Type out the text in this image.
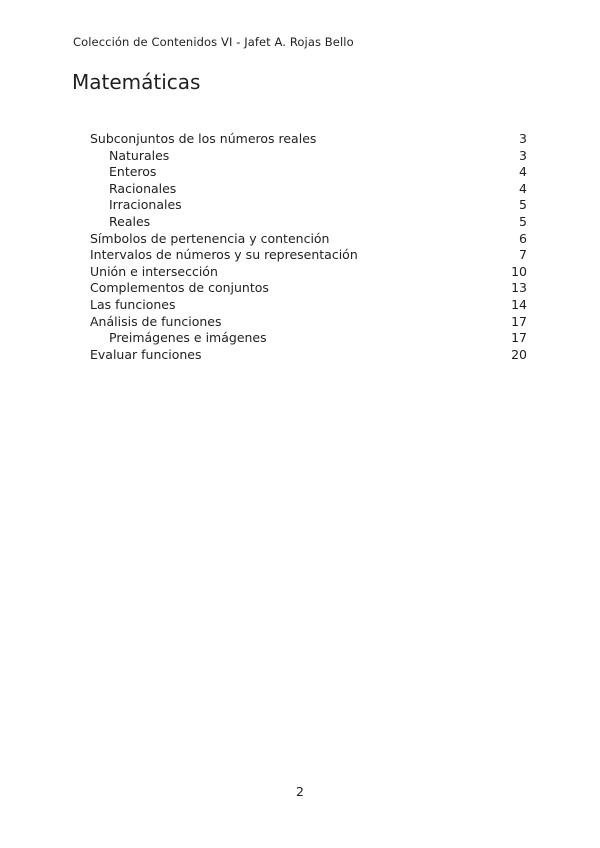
Colección de Contenidos VI - Jafet A. Rojas Bello
Matemáticas
Subconjuntos de los números reales	3
Naturales	3
Enteros	4
Racionales	4
Irracionales	5
Reales	5
Símbolos de pertenencia y contención	6
Intervalos de números y su representación	7
Unión e intersección	10
Complementos de conjuntos	13
Las funciones	14
Análisis de funciones	17
Preimágenes e imágenes	17
Evaluar funciones	20
2
